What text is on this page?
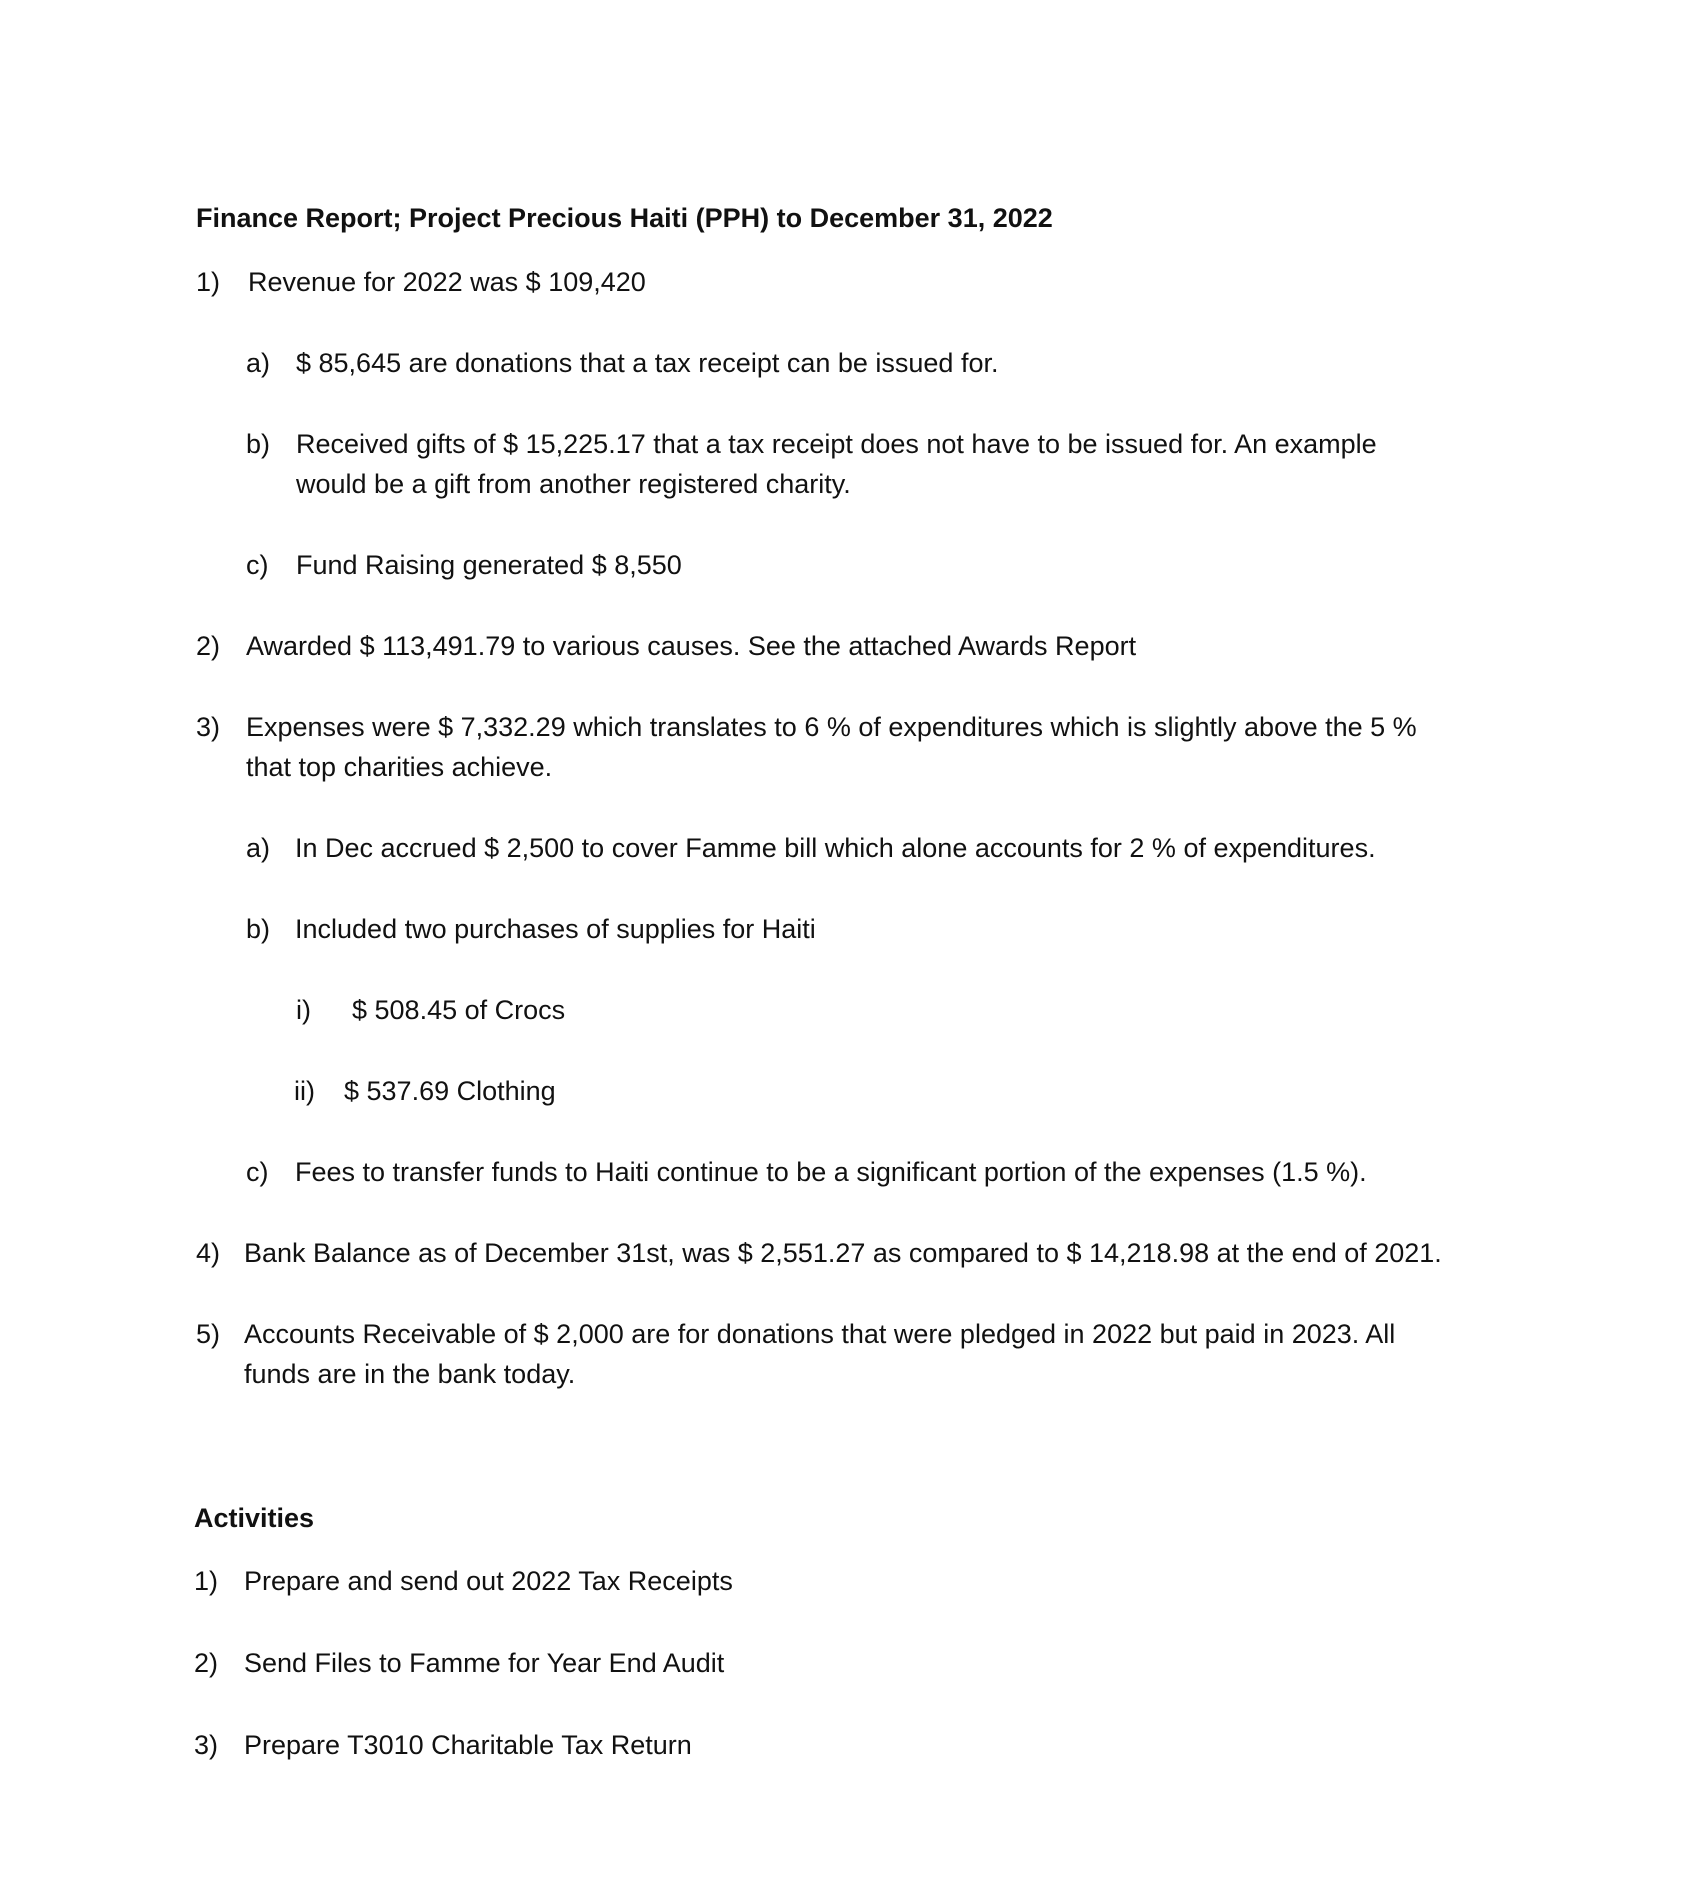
Finance Report; Project Precious Haiti (PPH) to December 31, 2022
1) Revenue for 2022 was $ 109,420
a) $ 85,645 are donations that a tax receipt can be issued for.
b) Received gifts of $ 15,225.17 that a tax receipt does not have to be issued for. An example
would be a gift from another registered charity.
c) Fund Raising generated $ 8,550
2) Awarded $ 113,491.79 to various causes. See the attached Awards Report
3) Expenses were $ 7,332.29 which translates to 6 % of expenditures which is slightly above the 5 %
that top charities achieve.
a) In Dec accrued $ 2,500 to cover Famme bill which alone accounts for 2 % of expenditures.
b) Included two purchases of supplies for Haiti
i) $ 508.45 of Crocs
ii) $ 537.69 Clothing
c) Fees to transfer funds to Haiti continue to be a significant portion of the expenses (1.5 %).
4) Bank Balance as of December 31st, was $ 2,551.27 as compared to $ 14,218.98 at the end of 2021.
5) Accounts Receivable of $ 2,000 are for donations that were pledged in 2022 but paid in 2023. All
funds are in the bank today.
Activities
1) Prepare and send out 2022 Tax Receipts
2) Send Files to Famme for Year End Audit
3) Prepare T3010 Charitable Tax Return
